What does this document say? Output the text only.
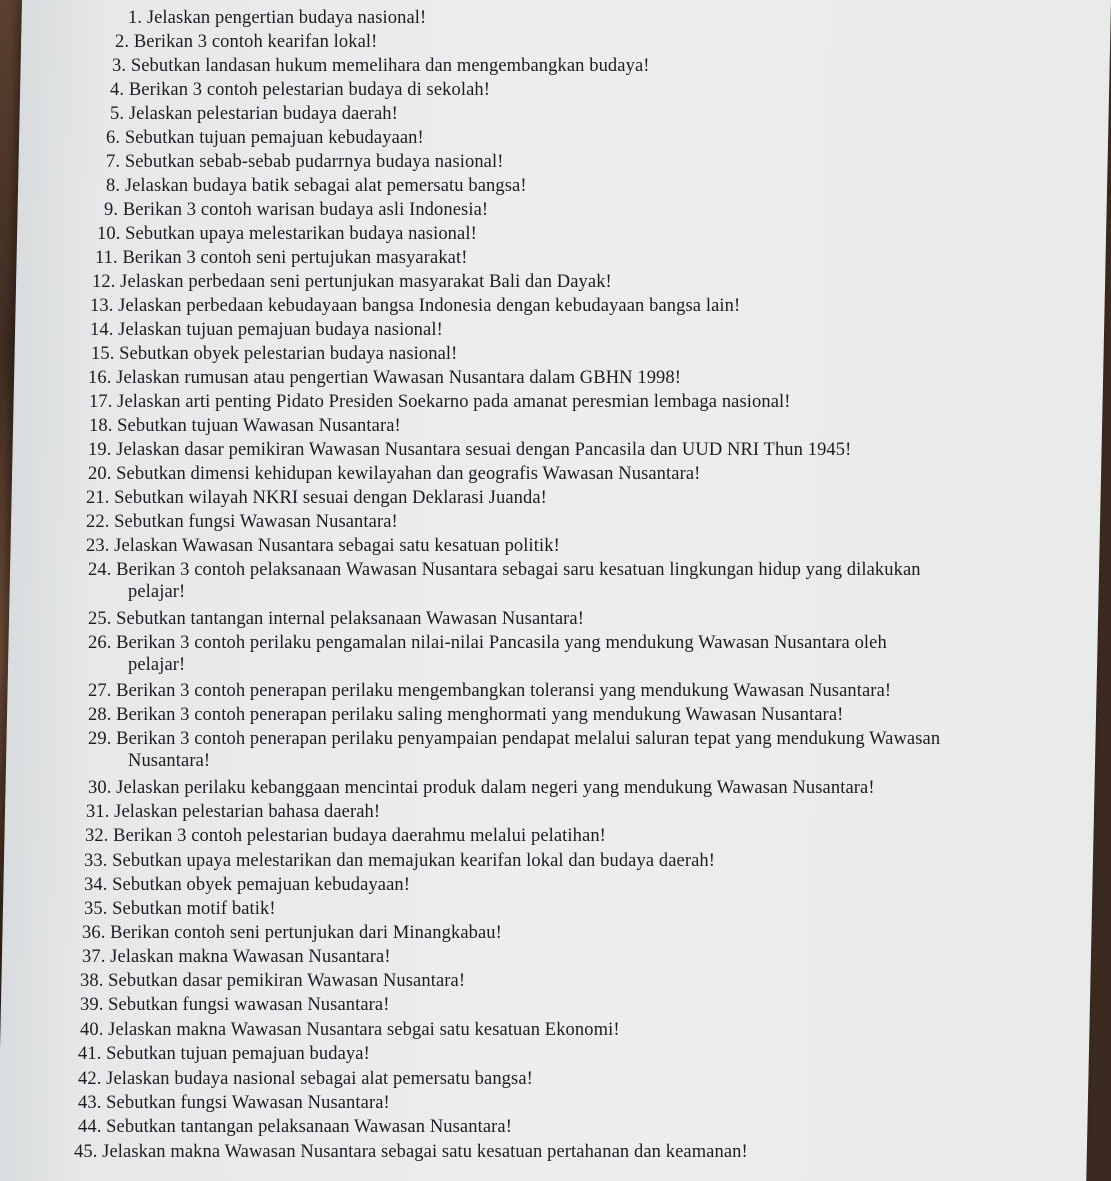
1. Jelaskan pengertian budaya nasional!
2. Berikan 3 contoh kearifan lokal!
3. Sebutkan landasan hukum memelihara dan mengembangkan budaya!
4. Berikan 3 contoh pelestarian budaya di sekolah!
5. Jelaskan pelestarian budaya daerah!
6. Sebutkan tujuan pemajuan kebudayaan!
7. Sebutkan sebab-sebab pudarrnya budaya nasional!
8. Jelaskan budaya batik sebagai alat pemersatu bangsa!
9. Berikan 3 contoh warisan budaya asli Indonesia!
10. Sebutkan upaya melestarikan budaya nasional!
11. Berikan 3 contoh seni pertujukan masyarakat!
12. Jelaskan perbedaan seni pertunjukan masyarakat Bali dan Dayak!
13. Jelaskan perbedaan kebudayaan bangsa Indonesia dengan kebudayaan bangsa lain!
14. Jelaskan tujuan pemajuan budaya nasional!
15. Sebutkan obyek pelestarian budaya nasional!
16. Jelaskan rumusan atau pengertian Wawasan Nusantara dalam GBHN 1998!
17. Jelaskan arti penting Pidato Presiden Soekarno pada amanat peresmian lembaga nasional!
18. Sebutkan tujuan Wawasan Nusantara!
19. Jelaskan dasar pemikiran Wawasan Nusantara sesuai dengan Pancasila dan UUD NRI Thun 1945!
20. Sebutkan dimensi kehidupan kewilayahan dan geografis Wawasan Nusantara!
21. Sebutkan wilayah NKRI sesuai dengan Deklarasi Juanda!
22. Sebutkan fungsi Wawasan Nusantara!
23. Jelaskan Wawasan Nusantara sebagai satu kesatuan politik!
24. Berikan 3 contoh pelaksanaan Wawasan Nusantara sebagai saru kesatuan lingkungan hidup yang dilakukan
pelajar!
25. Sebutkan tantangan internal pelaksanaan Wawasan Nusantara!
26. Berikan 3 contoh perilaku pengamalan nilai-nilai Pancasila yang mendukung Wawasan Nusantara oleh
pelajar!
27. Berikan 3 contoh penerapan perilaku mengembangkan toleransi yang mendukung Wawasan Nusantara!
28. Berikan 3 contoh penerapan perilaku saling menghormati yang mendukung Wawasan Nusantara!
29. Berikan 3 contoh penerapan perilaku penyampaian pendapat melalui saluran tepat yang mendukung Wawasan
Nusantara!
30. Jelaskan perilaku kebanggaan mencintai produk dalam negeri yang mendukung Wawasan Nusantara!
31. Jelaskan pelestarian bahasa daerah!
32. Berikan 3 contoh pelestarian budaya daerahmu melalui pelatihan!
33. Sebutkan upaya melestarikan dan memajukan kearifan lokal dan budaya daerah!
34. Sebutkan obyek pemajuan kebudayaan!
35. Sebutkan motif batik!
36. Berikan contoh seni pertunjukan dari Minangkabau!
37. Jelaskan makna Wawasan Nusantara!
38. Sebutkan dasar pemikiran Wawasan Nusantara!
39. Sebutkan fungsi wawasan Nusantara!
40. Jelaskan makna Wawasan Nusantara sebgai satu kesatuan Ekonomi!
41. Sebutkan tujuan pemajuan budaya!
42. Jelaskan budaya nasional sebagai alat pemersatu bangsa!
43. Sebutkan fungsi Wawasan Nusantara!
44. Sebutkan tantangan pelaksanaan Wawasan Nusantara!
45. Jelaskan makna Wawasan Nusantara sebagai satu kesatuan pertahanan dan keamanan!
